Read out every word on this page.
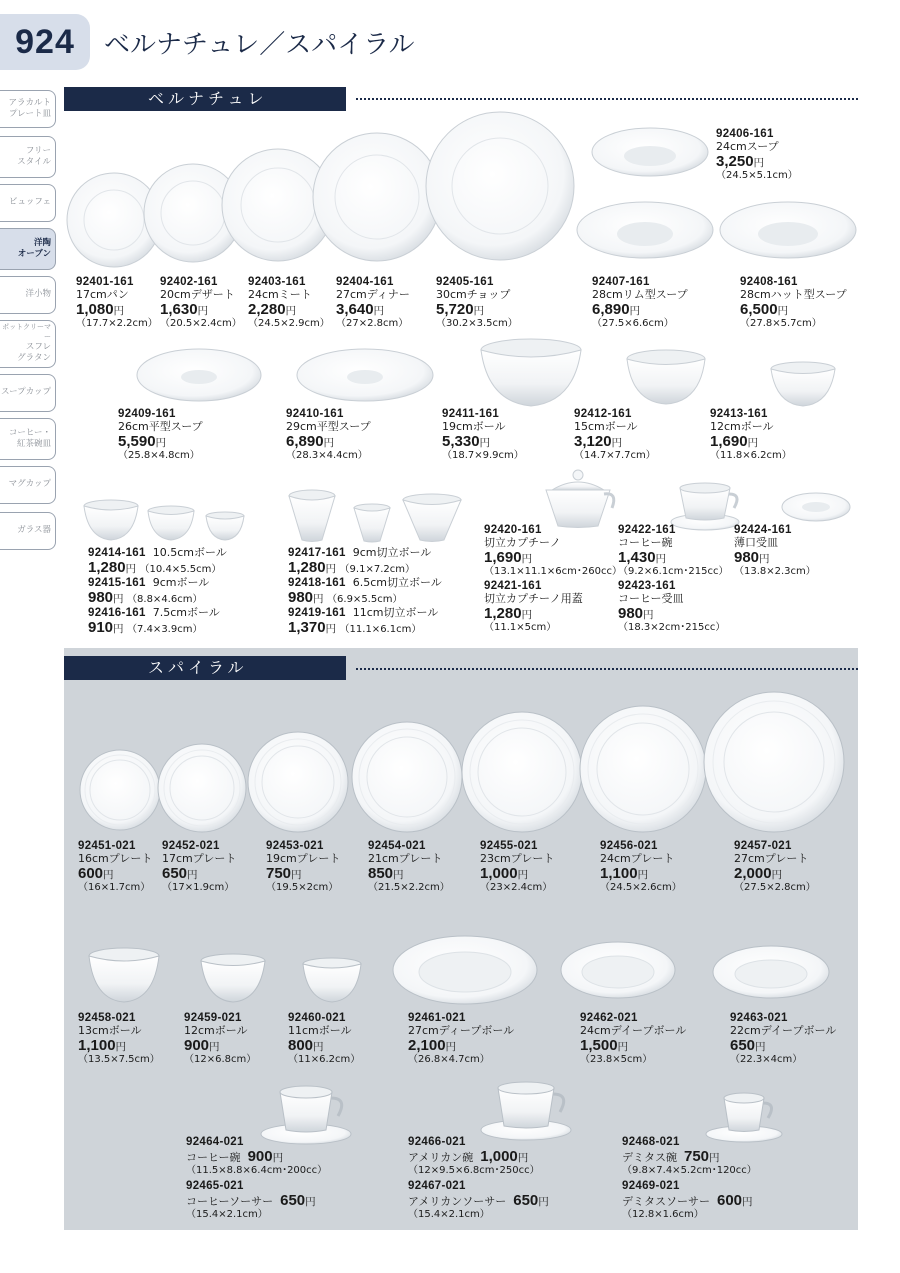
924	ベルナチュレ／スパイラル
アラカルト
プレート皿
フリー
スタイル
ビュッフェ
洋陶
オーブン
洋小物
ポットクリーマー
スフレ
グラタン
スープカップ
コーヒー・
紅茶碗皿
マグカップ
ガラス器
ベルナチュレ
スパイラル
92401-161
17cmパン
1,080円
（17.7×2.2cm）
92402-161
20cmデザート
1,630円
（20.5×2.4cm）
92403-161
24cmミート
2,280円
（24.5×2.9cm）
92404-161
27cmディナー
3,640円
（27×2.8cm）
92405-161
30cmチョップ
5,720円
（30.2×3.5cm）
92406-161
24cmスープ
3,250円
（24.5×5.1cm）
92407-161
28cmリム型スープ
6,890円
（27.5×6.6cm）
92408-161
28cmハット型スープ
6,500円
（27.8×5.7cm）
92409-161
26cm平型スープ
5,590円
（25.8×4.8cm）
92410-161
29cm平型スープ
6,890円
（28.3×4.4cm）
92411-161
19cmボール
5,330円
（18.7×9.9cm）
92412-161
15cmボール
3,120円
（14.7×7.7cm）
92413-161
12cmボール
1,690円
（11.8×6.2cm）
92414-161 10.5cmボール
1,280円 （10.4×5.5cm）
92415-161 9cmボール
980円 （8.8×4.6cm）
92416-161 7.5cmボール
910円 （7.4×3.9cm）
92417-161 9cm切立ボール
1,280円 （9.1×7.2cm）
92418-161 6.5cm切立ボール
980円 （6.9×5.5cm）
92419-161 11cm切立ボール
1,370円 （11.1×6.1cm）
92420-161
切立カプチーノ
1,690円
（13.1×11.1×6cm･260cc）
92421-161
切立カプチーノ用蓋
1,280円
（11.1×5cm）
92422-161
コーヒー碗
1,430円
（9.2×6.1cm･215cc）
92423-161
コーヒー受皿
980円
（18.3×2cm･215cc）
92424-161
薄口受皿
980円
（13.8×2.3cm）
92451-021
16cmプレート
600円
（16×1.7cm）
92452-021
17cmプレート
650円
（17×1.9cm）
92453-021
19cmプレート
750円
（19.5×2cm）
92454-021
21cmプレート
850円
（21.5×2.2cm）
92455-021
23cmプレート
1,000円
（23×2.4cm）
92456-021
24cmプレート
1,100円
（24.5×2.6cm）
92457-021
27cmプレート
2,000円
（27.5×2.8cm）
92458-021
13cmボール
1,100円
（13.5×7.5cm）
92459-021
12cmボール
900円
（12×6.8cm）
92460-021
11cmボール
800円
（11×6.2cm）
92461-021
27cmディープボール
2,100円
（26.8×4.7cm）
92462-021
24cmデイープボール
1,500円
（23.8×5cm）
92463-021
22cmデイープボール
650円
（22.3×4cm）
92464-021
コーヒー碗 900円
（11.5×8.8×6.4cm･200cc）
92465-021
コーヒーソーサー 650円
（15.4×2.1cm）
92466-021
アメリカン碗 1,000円
（12×9.5×6.8cm･250cc）
92467-021
アメリカンソーサー 650円
（15.4×2.1cm）
92468-021
デミタス碗 750円
（9.8×7.4×5.2cm･120cc）
92469-021
デミタスソーサー 600円
（12.8×1.6cm）
